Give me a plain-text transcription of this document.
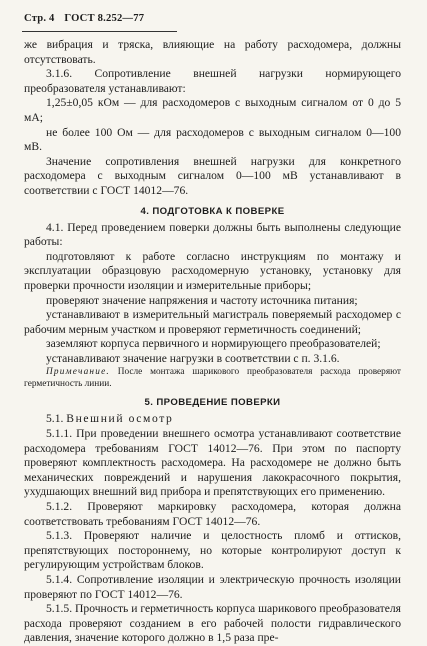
Стр. 4 ГОСТ 8.252—77

же вибрация и тряска, влияющие на работу расходомера, должны отсутствовать.

3.1.6. Сопротивление внешней нагрузки нормирующего преобразователя устанавливают:

1,25±0,05 кОм — для расходомеров с выходным сигналом от 0 до 5 мА;

не более 100 Ом — для расходомеров с выходным сигналом 0—100 мВ.

Значение сопротивления внешней нагрузки для конкретного расходомера с выходным сигналом 0—100 мВ устанавливают в соответствии с ГОСТ 14012—76.

4. ПОДГОТОВКА К ПОВЕРКЕ

4.1. Перед проведением поверки должны быть выполнены следующие работы:

подготовляют к работе согласно инструкциям по монтажу и эксплуатации образцовую расходомерную установку, установку для проверки прочности изоляции и измерительные приборы;

проверяют значение напряжения и частоту источника питания;

устанавливают в измерительный магистраль поверяемый расходомер с рабочим мерным участком и проверяют герметичность соединений;

заземляют корпуса первичного и нормирующего преобразователей;

устанавливают значение нагрузки в соответствии с п. 3.1.6.

Примечание. После монтажа шарикового преобразователя расхода проверяют герметичность линии.

5. ПРОВЕДЕНИЕ ПОВЕРКИ

5.1. Внешний осмотр

5.1.1. При проведении внешнего осмотра устанавливают соответствие расходомера требованиям ГОСТ 14012—76. При этом по паспорту проверяют комплектность расходомера. На расходомере не должно быть механических повреждений и нарушения лакокрасочного покрытия, ухудшающих внешний вид прибора и препятствующих его применению.

5.1.2. Проверяют маркировку расходомера, которая должна соответствовать требованиям ГОСТ 14012—76.

5.1.3. Проверяют наличие и целостность пломб и оттисков, препятствующих постороннему, но которые контролируют доступ к регулирующим устройствам блоков.

5.1.4. Сопротивление изоляции и электрическую прочность изоляции проверяют по ГОСТ 14012—76.

5.1.5. Прочность и герметичность корпуса шарикового преобразователя расхода проверяют созданием в его рабочей полости гидравлического давления, значение которого должно в 1,5 раза пре-
